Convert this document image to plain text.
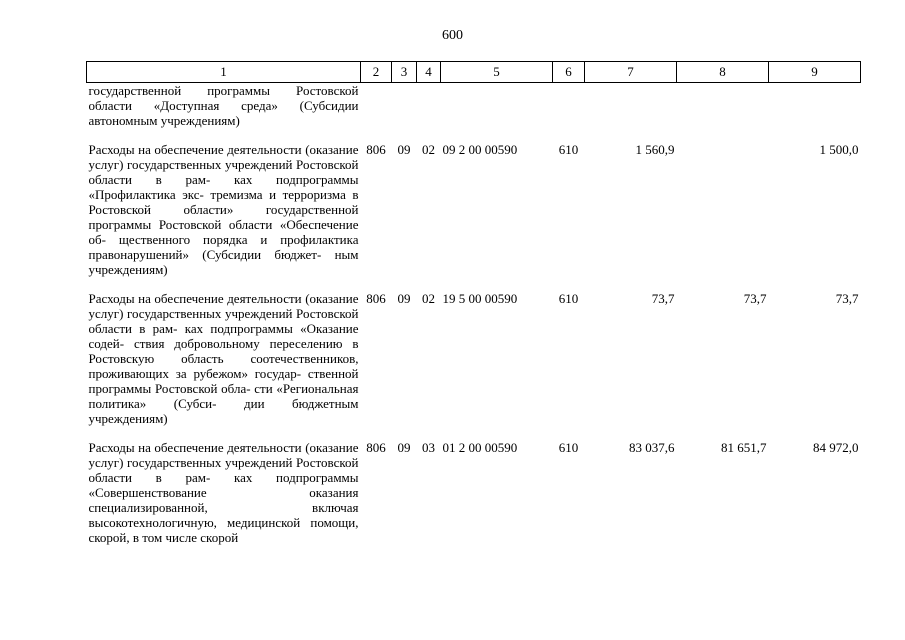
600
1	2	3	4	5	6	7	8	9
государственной программы Ростовской области «Доступная среда» (Субсидии автономным учреждениям)								
Расходы на обеспечение деятельности (оказание услуг) государственных учреждений Ростовской области в рам- ках подпрограммы «Профилактика экс- тремизма и терроризма в Ростовской области» государственной программы Ростовской области «Обеспечение об- щественного порядка и профилактика правонарушений» (Субсидии бюджет- ным учреждениям)	806	09	02	09 2 00 00590	610	1 560,9		1 500,0
Расходы на обеспечение деятельности (оказание услуг) государственных учреждений Ростовской области в рам- ках подпрограммы «Оказание содей- ствия добровольному переселению в Ростовскую область соотечественников, проживающих за рубежом» государ- ственной программы Ростовской обла- сти «Региональная политика» (Субси- дии бюджетным учреждениям)	806	09	02	19 5 00 00590	610	73,7	73,7	73,7
Расходы на обеспечение деятельности (оказание услуг) государственных учреждений Ростовской области в рам- ках подпрограммы «Совершенствование оказания специализированной, включая высокотехнологичную, медицинской помощи, скорой, в том числе скорой	806	09	03	01 2 00 00590	610	83 037,6	81 651,7	84 972,0
